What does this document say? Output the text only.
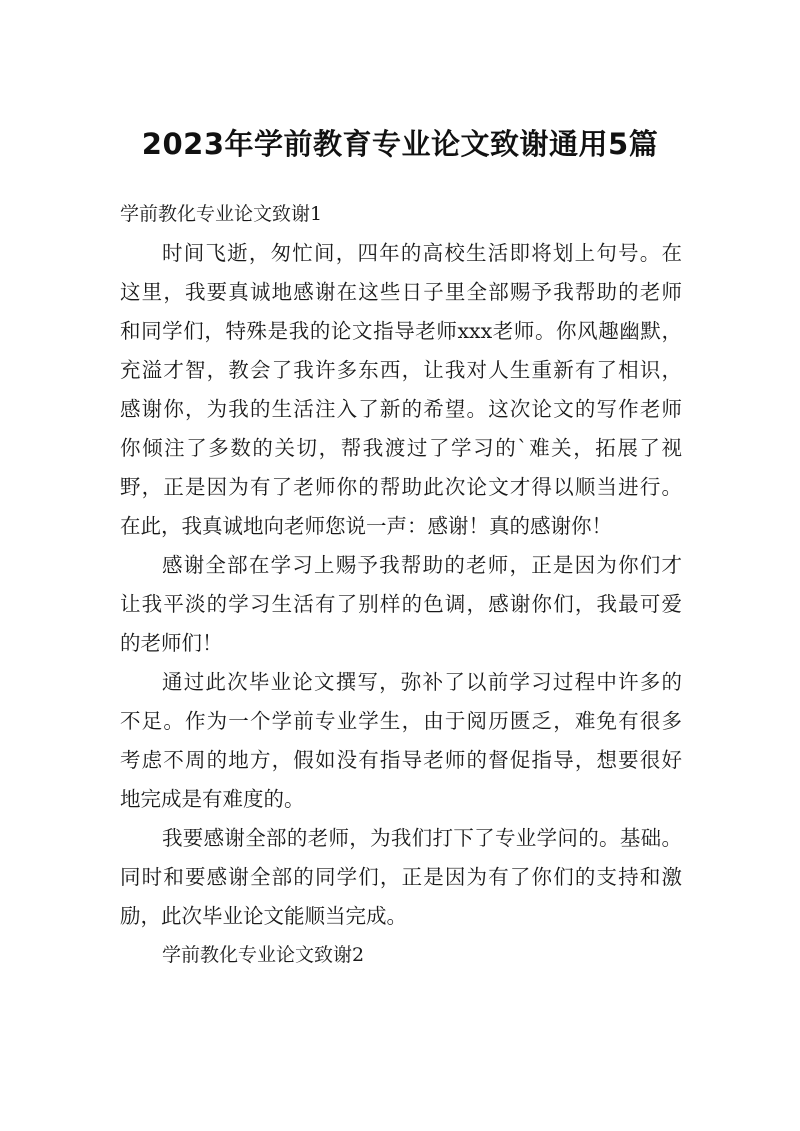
2023年学前教育专业论文致谢通用5篇
学前教化专业论文致谢1
时间飞逝，匆忙间，四年的高校生活即将划上句号。在
这里，我要真诚地感谢在这些日子里全部赐予我帮助的老师
和同学们，特殊是我的论文指导老师xxx老师。你风趣幽默，
充溢才智，教会了我许多东西，让我对人生重新有了相识，
感谢你，为我的生活注入了新的希望。这次论文的写作老师
你倾注了多数的关切，帮我渡过了学习的`难关，拓展了视
野，正是因为有了老师你的帮助此次论文才得以顺当进行。
在此，我真诚地向老师您说一声：感谢！真的感谢你！
感谢全部在学习上赐予我帮助的老师，正是因为你们才
让我平淡的学习生活有了别样的色调，感谢你们，我最可爱
的老师们！
通过此次毕业论文撰写，弥补了以前学习过程中许多的
不足。作为一个学前专业学生，由于阅历匮乏，难免有很多
考虑不周的地方，假如没有指导老师的督促指导，想要很好
地完成是有难度的。
我要感谢全部的老师，为我们打下了专业学问的。基础。
同时和要感谢全部的同学们，正是因为有了你们的支持和激
励，此次毕业论文能顺当完成。
学前教化专业论文致谢2
